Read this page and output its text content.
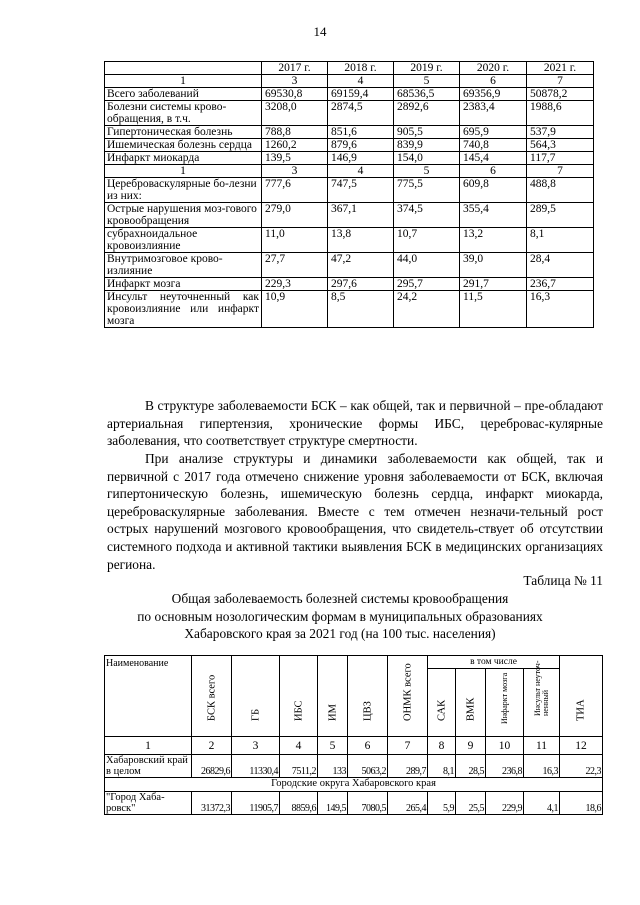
14
	2017 г.	2018 г.	2019 г.	2020 г.	2021 г.
1	3	4	5	6	7
Всего заболеваний	69530,8	69159,4	68536,5	69356,9	50878,2
Болезни системы крово-обращения, в т.ч.	3208,0	2874,5	2892,6	2383,4	1988,6
Гипертоническая болезнь	788,8	851,6	905,5	695,9	537,9
Ишемическая болезнь сердца	1260,2	879,6	839,9	740,8	564,3
Инфаркт миокарда	139,5	146,9	154,0	145,4	117,7
1	3	4	5	6	7
Цереброваскулярные бо-лезни из них:	777,6	747,5	775,5	609,8	488,8
Острые нарушения моз-гового кровообращения	279,0	367,1	374,5	355,4	289,5
субрахноидальное кровоизлияние	11,0	13,8	10,7	13,2	8,1
Внутримозговое крово-излияние	27,7	47,2	44,0	39,0	28,4
Инфаркт мозга	229,3	297,6	295,7	291,7	236,7
Инсульт неуточненный как кровоизлияние или инфаркт мозга	10,9	8,5	24,2	11,5	16,3

В структуре заболеваемости БСК – как общей, так и первичной – пре-обладают артериальная гипертензия, хронические формы ИБС, церебровас-кулярные заболевания, что соответствует структуре смертности.

При анализе структуры и динамики заболеваемости как общей, так и первичной с 2017 года отмечено снижение уровня заболеваемости от БСК, включая гипертоническую болезнь, ишемическую болезнь сердца, инфаркт миокарда, цереброваскулярные заболевания. Вместе с тем отмечен незначи-тельный рост острых нарушений мозгового кровообращения, что свидетель-ствует об отсутствии системного подхода и активной тактики выявления БСК в медицинских организациях региона.

Таблица № 11
Общая заболеваемость болезней системы кровообращения
по основным нозологическим формам в муниципальных образованиях
Хабаровского края за 2021 год (на 100 тыс. населения)
Наименование	БСК всего	ГБ	ИБС	ИМ	ЦВЗ	ОНМК всего	в том числе				ТИА

							САК	ВМК	Инфаркт мозга	Инсульт неуточ-ненный	

1	2	3	4	5	6	7	8	9	10	11	12
Хабаровский край в целом	26829,6	11330,4	7511,2	133	5063,2	289,7	8,1	28,5	236,8	16,3	22,3
Городские округа Хабаровского края											
"Город Хаба-ровск"	31372,3	11905,7	8859,6	149,5	7080,5	265,4	5,9	25,5	229,9	4,1	18,6
